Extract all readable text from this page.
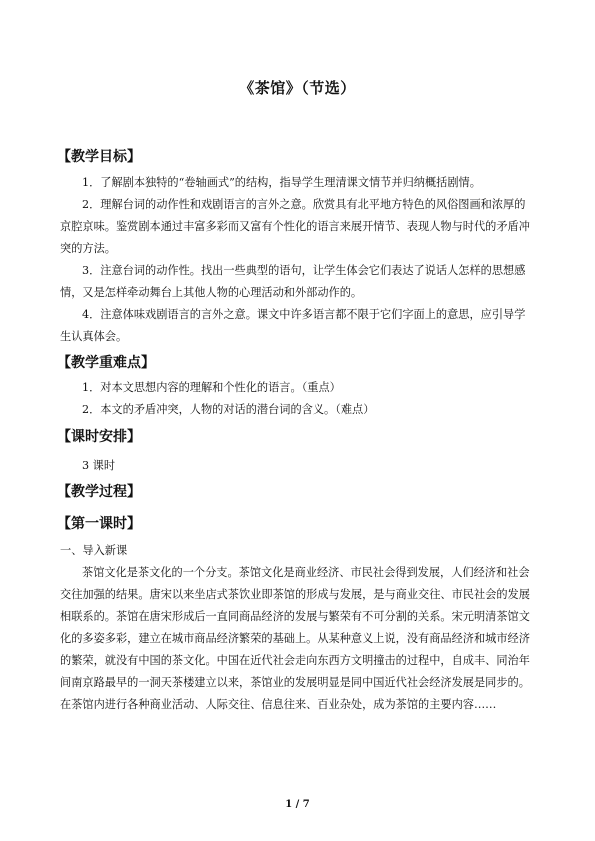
《茶馆》（节选）
【教学目标】

1．了解剧本独特的“卷轴画式”的结构，指导学生理清课文情节并归纳概括剧情。

2．理解台词的动作性和戏剧语言的言外之意。欣赏具有北平地方特色的风俗图画和浓厚的京腔京味。鉴赏剧本通过丰富多彩而又富有个性化的语言来展开情节、表现人物与时代的矛盾冲突的方法。

3．注意台词的动作性。找出一些典型的语句，让学生体会它们表达了说话人怎样的思想感情，又是怎样牵动舞台上其他人物的心理活动和外部动作的。

4．注意体味戏剧语言的言外之意。课文中许多语言都不限于它们字面上的意思，应引导学生认真体会。

【教学重难点】

1．对本文思想内容的理解和个性化的语言。（重点）

2．本文的矛盾冲突，人物的对话的潜台词的含义。（难点）

【课时安排】

3 课时

【教学过程】
【第一课时】
一、导入新课

茶馆文化是茶文化的一个分支。茶馆文化是商业经济、市民社会得到发展，人们经济和社会交往加强的结果。唐宋以来坐店式茶饮业即茶馆的形成与发展，是与商业交往、市民社会的发展相联系的。茶馆在唐宋形成后一直同商品经济的发展与繁荣有不可分割的关系。宋元明清茶馆文化的多姿多彩，建立在城市商品经济繁荣的基础上。从某种意义上说，没有商品经济和城市经济的繁荣，就没有中国的茶文化。中国在近代社会走向东西方文明撞击的过程中，自成丰、同治年间南京路最早的一洞天茶楼建立以来，茶馆业的发展明显是同中国近代社会经济发展是同步的。在茶馆内进行各种商业活动、人际交往、信息往来、百业杂处，成为茶馆的主要内容……

1 / 7
